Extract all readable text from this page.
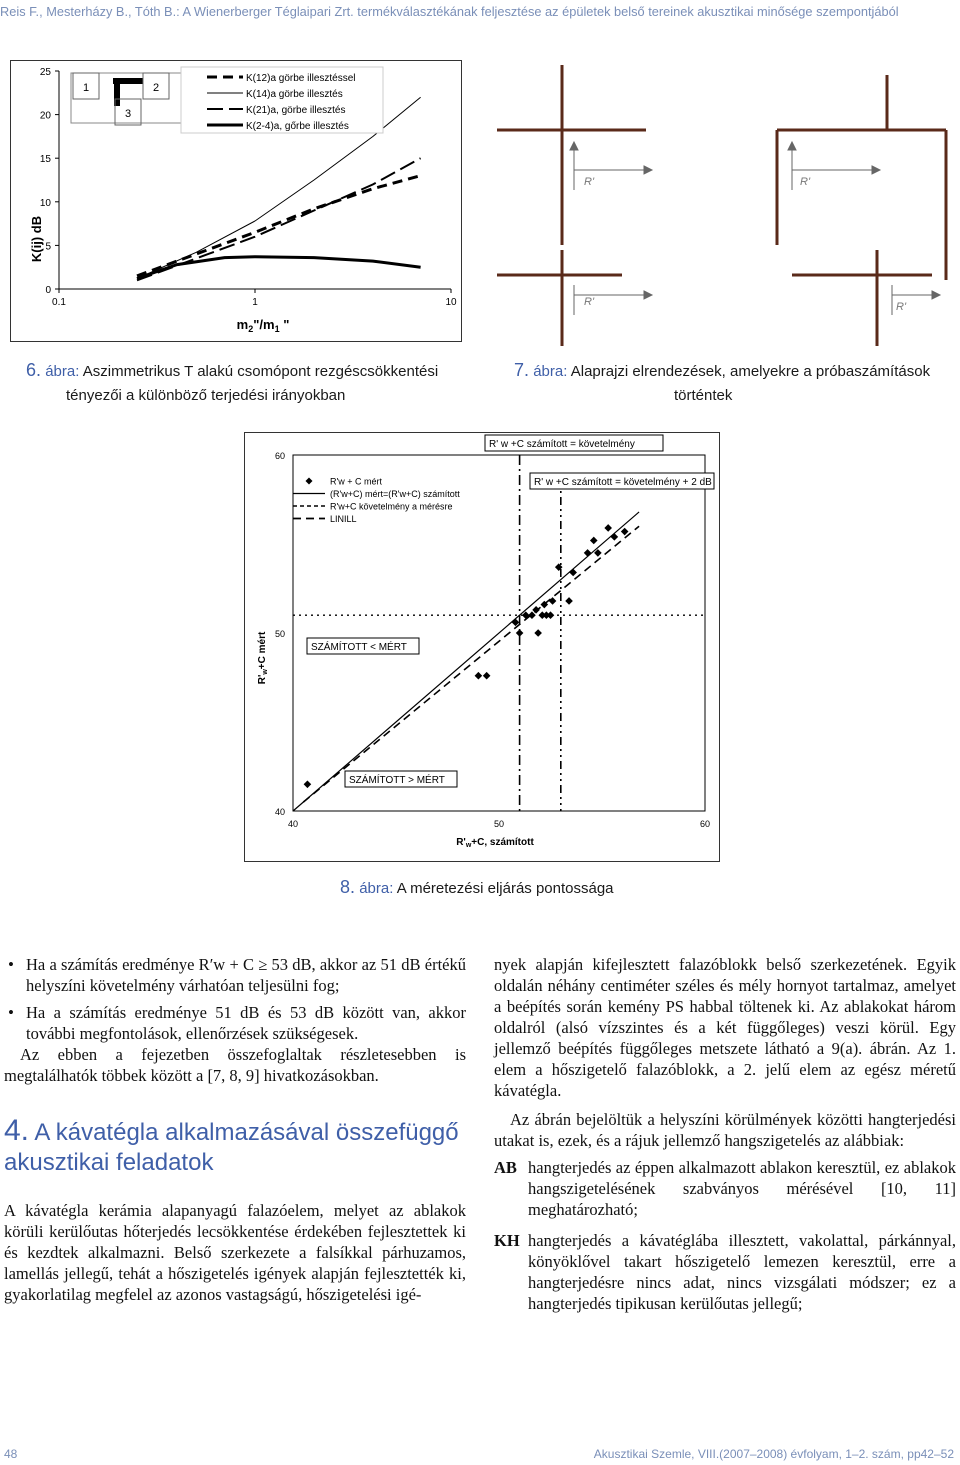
Reis F., Mesterházy B., Tóth B.: A Wienerberger Téglaipari Zrt. termékválasztékának feljesztése az épületek belső tereinek akusztikai minősége szempontjából
K(ij) dB
$m_2"/m_1$ "
0
5
10
15
20
25
0.1	1	10
1	2
3
K(12)a görbe illesztéssel
K(14)a görbe illesztés
K(21)a, görbe illesztés
K(2-4)a, gőrbe illesztés
6. ábra: Aszimmetrikus T alakú csomópont rezgéscsökkentési
tényezői a különböző terjedési irányokban
R'	R'
R'	R'
7. ábra: Alaprajzi elrendezések, amelyekre a próbaszámítások
történtek
$R'_w+C$ mért
$R'_w+C$, számított
40
50
60
40	50	60
R' w +C számított = követelmény
R' w +C számított = követelmény + 2 dB
SZÁMÍTOTT < MÉRT
SZÁMÍTOTT > MÉRT
R'w + C mért
(R'w+C) mért=(R'w+C) számított
R'w+C követelmény a mérésre
LINILL
8. ábra: A méretezési eljárás pontossága
• Ha a számítás eredménye R′w + C ≥ 53 dB, akkor az 51 dB értékű helyszíni követelmény várhatóan teljesülni fog;
• Ha a számítás eredménye 51 dB és 53 dB között van, akkor további megfontolások, ellenőrzések szükségesek.

Az ebben a fejezetben összefoglaltak részletesebben is megtalálhatók többek között a [7, 8, 9] hivatkozásokban.

4. A kávatégla alkalmazásával összefüggő akusztikai feladatok

A kávatégla kerámia alapanyagú falazóelem, melyet az ablakok körüli kerülőutas hőterjedés lecsökkentése érdekében fejlesztettek ki és kezdtek alkalmazni. Belső szerkezete a falsíkkal párhuzamos, lamellás jellegű, tehát a hőszigetelés igények alapján fejlesztették ki, gyakorlatilag megfelel az azonos vastagságú, hőszigetelési igé-

nyek alapján kifejlesztett falazóblokk belső szerkezetének. Egyik oldalán néhány centiméter széles és mély hornyot tartalmaz, amelyet a beépítés során kemény PS habbal töltenek ki. Az ablakokat három oldalról (alsó vízszintes és a két függőleges) veszi körül. Egy jellemző beépítés függőleges metszete látható a 9(a). ábrán. Az 1. elem a hőszigetelő falazóblokk, a 2. jelű elem az egész méretű kávatégla.

Az ábrán bejelöltük a helyszíni körülmények közötti hangterjedési utakat is, ezek, és a rájuk jellemző hangszigetelés az alábbiak:

AB hangterjedés az éppen alkalmazott ablakon keresztül, ez ablakok hangszigetelésének szabványos mérésével [10, 11] meghatározható;
KH hangterjedés a kávatéglába illesztett, vakolattal, párkánnyal, könyöklővel takart hőszigetelő lemezen keresztül, erre a hangterjedésre nincs adat, nincs vizsgálati módszer; ez a hangterjedés tipikusan kerülőutas jellegű;
48	Akusztikai Szemle, VIII.(2007–2008) évfolyam, 1–2. szám, pp42–52
